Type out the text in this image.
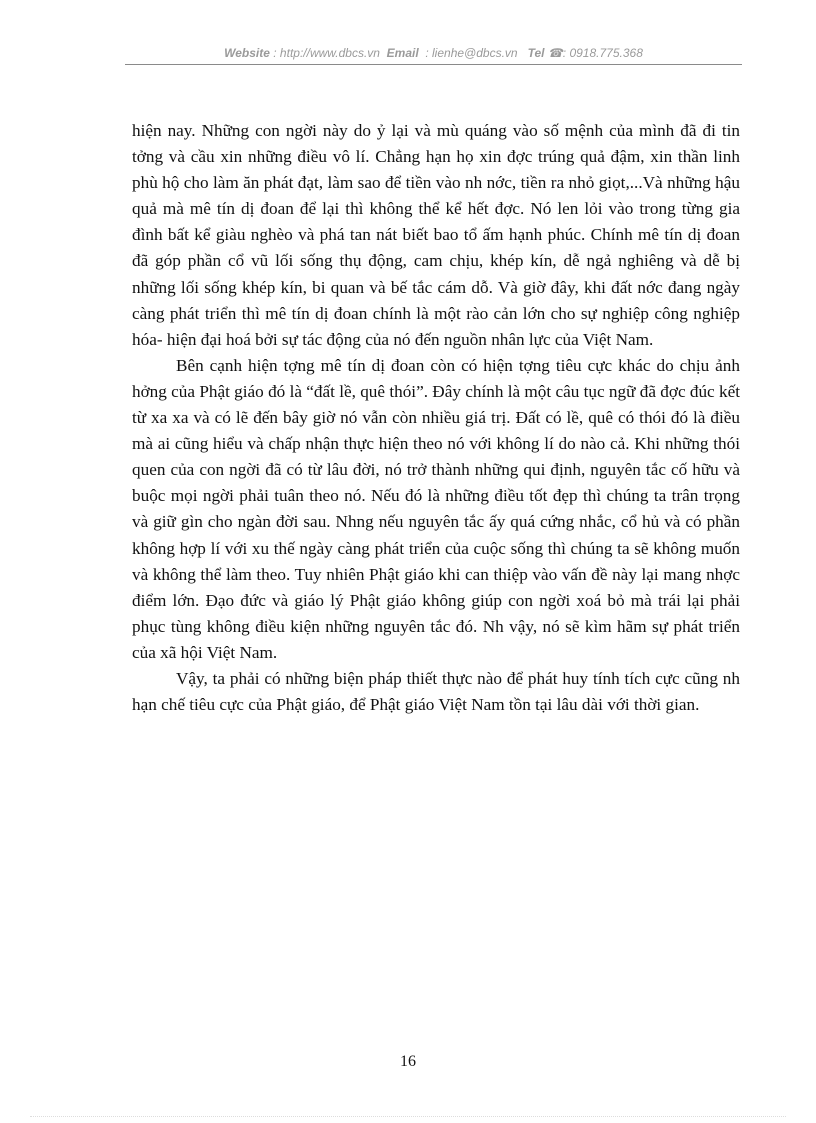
Website : http://www.dbcs.vn Email : lienhe@dbcs.vn Tel ☎: 0918.775.368

hiện nay. Những con ngời này do ỷ lại và mù quáng vào số mệnh của mình đã đi tin tởng và cầu xin những điều vô lí. Chẳng hạn họ xin đợc trúng quả đậm, xin thần linh phù hộ cho làm ăn phát đạt, làm sao để tiền vào nh nớc, tiền ra nhỏ giọt,...Và những hậu quả mà mê tín dị đoan để lại thì không thể kể hết đợc. Nó len lỏi vào trong từng gia đình bất kể giàu nghèo và phá tan nát biết bao tổ ấm hạnh phúc. Chính mê tín dị đoan đã góp phần cổ vũ lối sống thụ động, cam chịu, khép kín, dễ ngả nghiêng và dễ bị những lối sống khép kín, bi quan và bế tắc cám dỗ. Và giờ đây, khi đất nớc đang ngày càng phát triển thì mê tín dị đoan chính là một rào cản lớn cho sự nghiệp công nghiệp hóa- hiện đại hoá bởi sự tác động của nó đến nguồn nhân lực của Việt Nam.

Bên cạnh hiện tợng mê tín dị đoan còn có hiện tợng tiêu cực khác do chịu ảnh hởng của Phật giáo đó là “đất lề, quê thói”. Đây chính là một câu tục ngữ đã đợc đúc kết từ xa xa và có lẽ đến bây giờ nó vẫn còn nhiều giá trị. Đất có lề, quê có thói đó là điều mà ai cũng hiểu và chấp nhận thực hiện theo nó với không lí do nào cả. Khi những thói quen của con ngời đã có từ lâu đời, nó trở thành những qui định, nguyên tắc cố hữu và buộc mọi ngời phải tuân theo nó. Nếu đó là những điều tốt đẹp thì chúng ta trân trọng và giữ gìn cho ngàn đời sau. Nhng nếu nguyên tắc ấy quá cứng nhắc, cổ hủ và có phần không hợp lí với xu thế ngày càng phát triển của cuộc sống thì chúng ta sẽ không muốn và không thể làm theo. Tuy nhiên Phật giáo khi can thiệp vào vấn đề này lại mang nhợc điểm lớn. Đạo đức và giáo lý Phật giáo không giúp con ngời xoá bỏ mà trái lại phải phục tùng không điều kiện những nguyên tắc đó. Nh vậy, nó sẽ kìm hãm sự phát triển của xã hội Việt Nam.

Vậy, ta phải có những biện pháp thiết thực nào để phát huy tính tích cực cũng nh hạn chế tiêu cực của Phật giáo, để Phật giáo Việt Nam tồn tại lâu dài với thời gian.

16
